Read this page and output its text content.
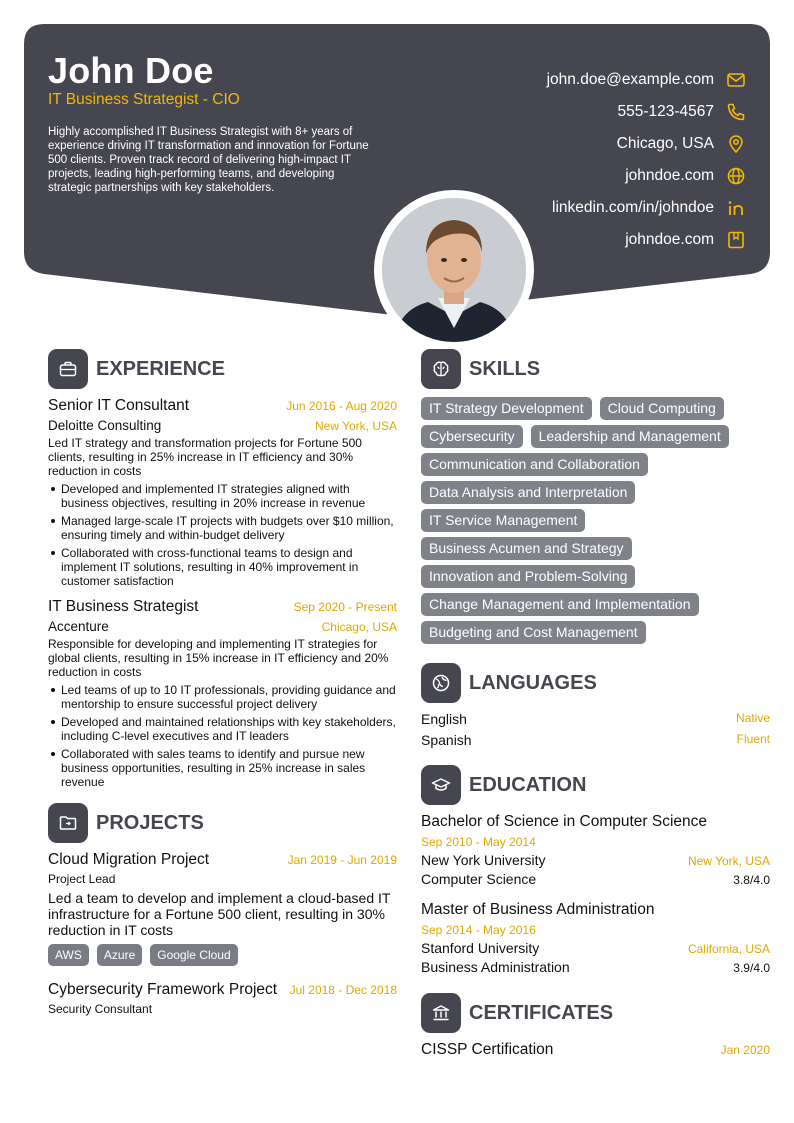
John Doe
IT Business Strategist - CIO
Highly accomplished IT Business Strategist with 8+ years of experience driving IT transformation and innovation for Fortune 500 clients. Proven track record of delivering high-impact IT projects, leading high-performing teams, and developing strategic partnerships with key stakeholders.
john.doe@example.com
555-123-4567
Chicago, USA
johndoe.com
linkedin.com/in/johndoe
johndoe.com
EXPERIENCE
Senior IT Consultant	Jun 2016 - Aug 2020
Deloitte Consulting	New York, USA
Led IT strategy and transformation projects for Fortune 500 clients, resulting in 25% increase in IT efficiency and 30% reduction in costs
Developed and implemented IT strategies aligned with business objectives, resulting in 20% increase in revenue
Managed large-scale IT projects with budgets over $10 million, ensuring timely and within-budget delivery
Collaborated with cross-functional teams to design and implement IT solutions, resulting in 40% improvement in customer satisfaction
IT Business Strategist	Sep 2020 - Present
Accenture	Chicago, USA
Responsible for developing and implementing IT strategies for global clients, resulting in 15% increase in IT efficiency and 20% reduction in costs
Led teams of up to 10 IT professionals, providing guidance and mentorship to ensure successful project delivery
Developed and maintained relationships with key stakeholders, including C-level executives and IT leaders
Collaborated with sales teams to identify and pursue new business opportunities, resulting in 25% increase in sales revenue
PROJECTS
Cloud Migration Project	Jan 2019 - Jun 2019
Project Lead
Led a team to develop and implement a cloud-based IT infrastructure for a Fortune 500 client, resulting in 30% reduction in IT costs
AWS	Azure	Google Cloud
Cybersecurity Framework Project Jul 2018 - Dec 2018
Security Consultant
SKILLS
IT Strategy Development	Cloud Computing
Cybersecurity	Leadership and Management
Communication and Collaboration
Data Analysis and Interpretation
IT Service Management
Business Acumen and Strategy
Innovation and Problem-Solving
Change Management and Implementation
Budgeting and Cost Management
LANGUAGES
English	Native
Spanish	Fluent
EDUCATION
Bachelor of Science in Computer Science
Sep 2010 - May 2014
New York University	New York, USA
Computer Science	3.8/4.0
Master of Business Administration
Sep 2014 - May 2016
Stanford University	California, USA
Business Administration	3.9/4.0
CERTIFICATES
CISSP Certification	Jan 2020
